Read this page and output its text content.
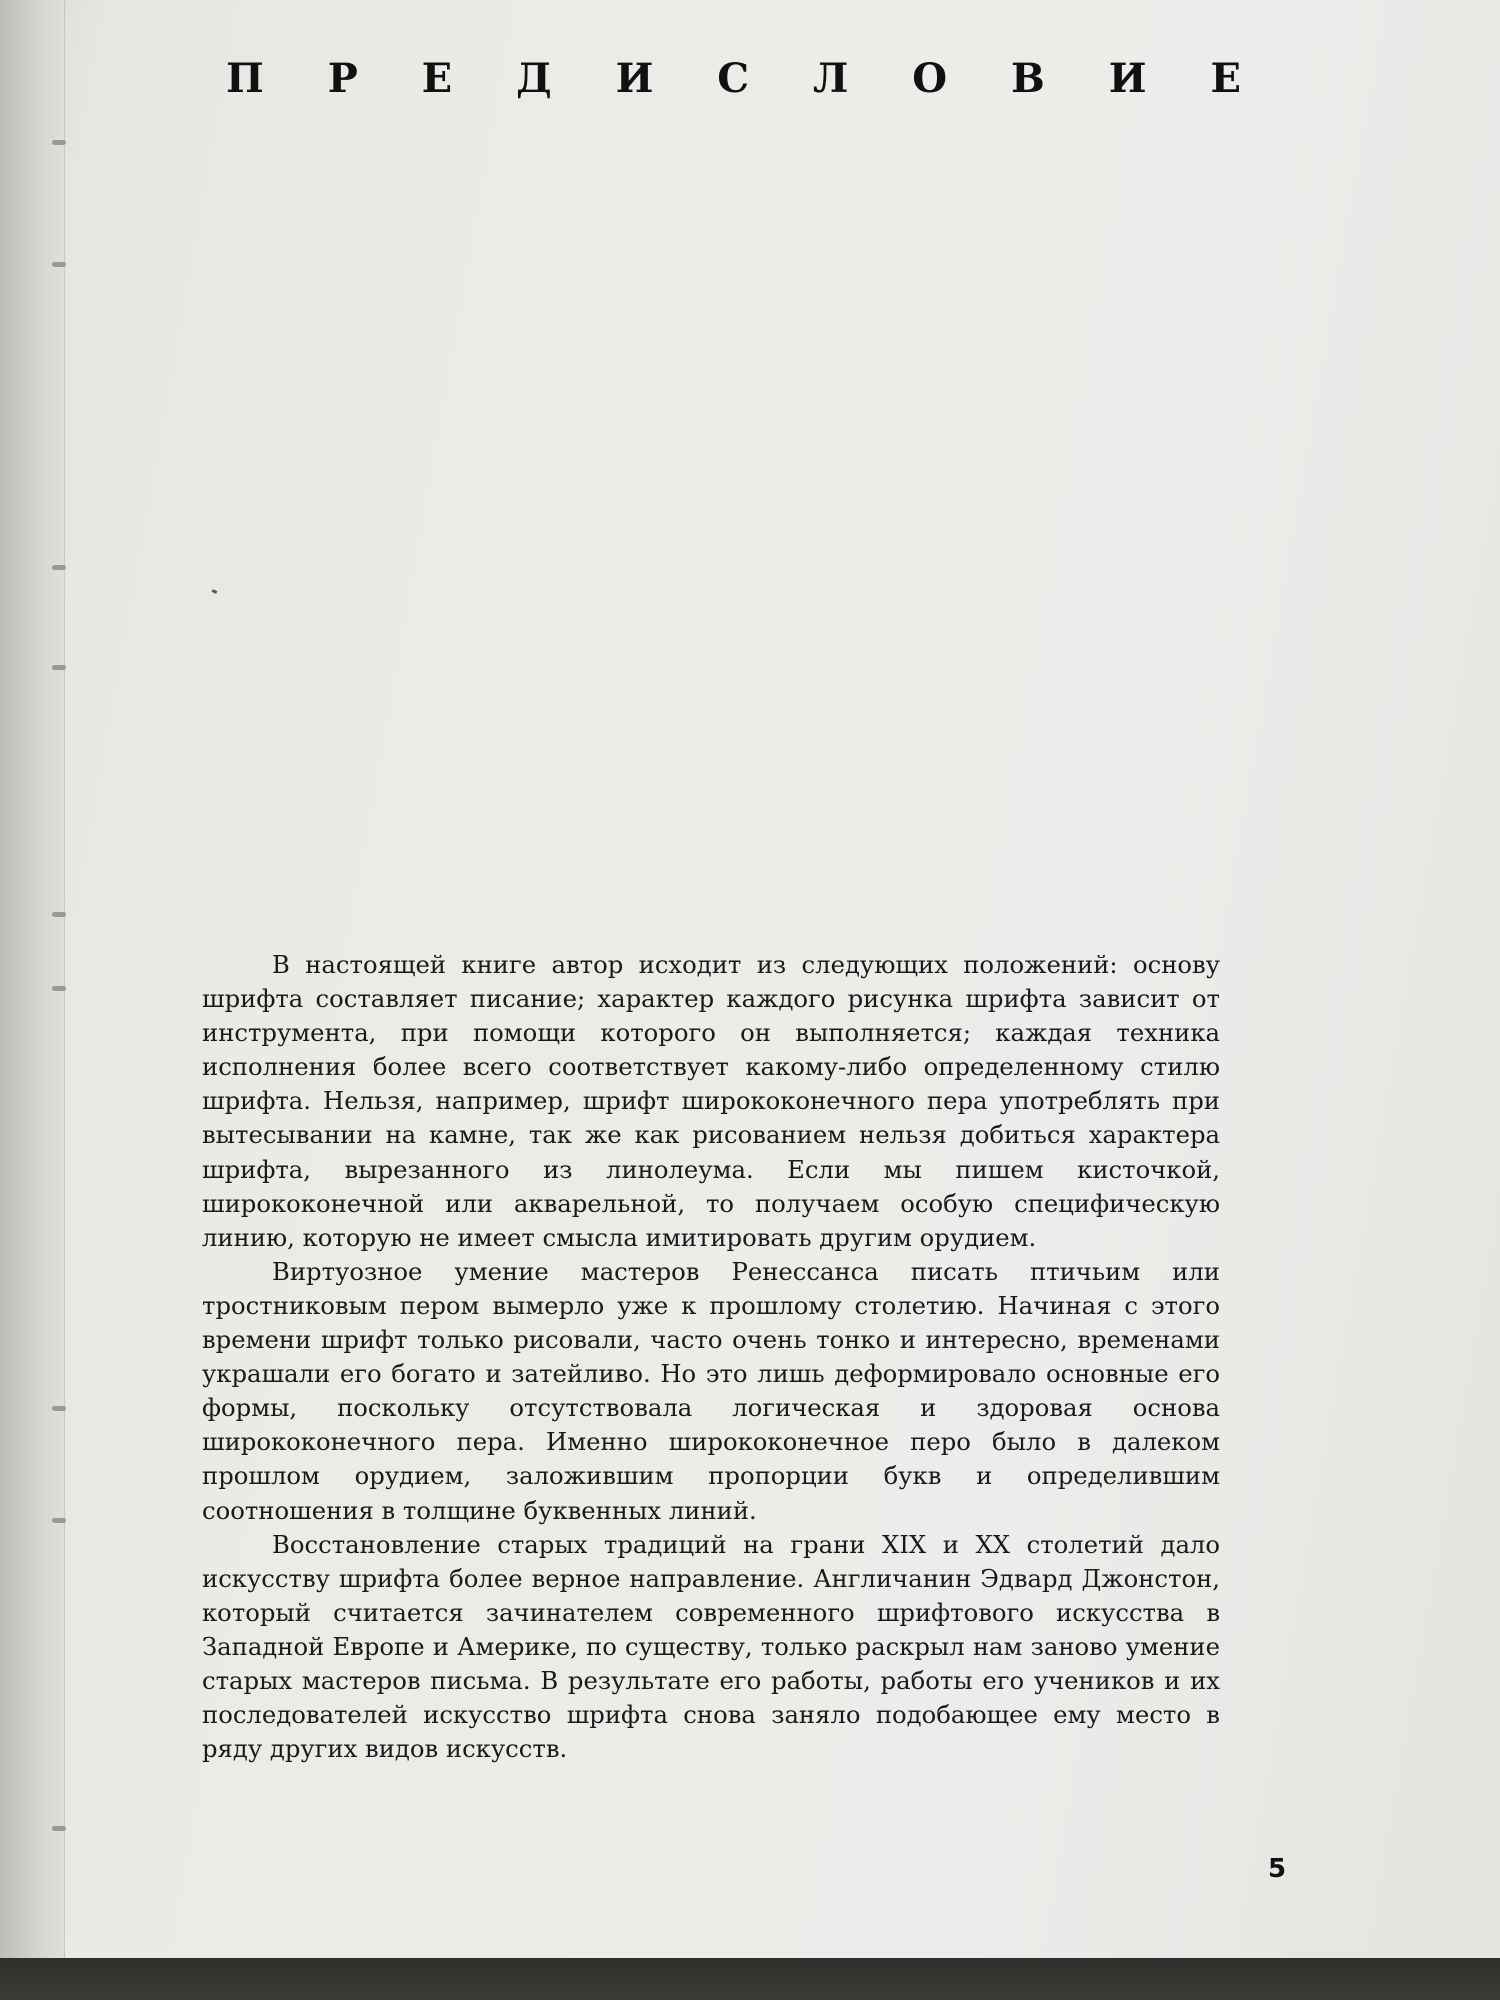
П Р Е Д И С Л О В И Е

В настоящей книге автор исходит из следующих положений: основу шрифта составляет писание; характер каждого рисунка шрифта зависит от инструмента, при помощи которого он выполняется; каждая техника исполнения более всего соответствует какому-либо определенному стилю шрифта. Нельзя, например, шрифт ширококонечного пера употреблять при вытесывании на камне, так же как рисованием нельзя добиться характера шрифта, вырезанного из линолеума. Если мы пишем кисточкой, ширококонечной или акварельной, то получаем особую специфическую линию, которую не имеет смысла имитировать другим орудием.

Виртуозное умение мастеров Ренессанса писать птичьим или тростниковым пером вымерло уже к прошлому столетию. Начиная с этого времени шрифт только рисовали, часто очень тонко и интересно, временами украшали его богато и затейливо. Но это лишь деформировало основные его формы, поскольку отсутствовала логическая и здоровая основа ширококонечного пера. Именно ширококонечное перо было в далеком прошлом орудием, заложившим пропорции букв и определившим соотношения в толщине буквенных линий.

Восстановление старых традиций на грани XIX и XX столетий дало искусству шрифта более верное направление. Англичанин Эдвард Джонстон, который считается зачинателем современного шрифтового искусства в Западной Европе и Америке, по существу, только раскрыл нам заново умение старых мастеров письма. В результате его работы, работы его учеников и их последователей искусство шрифта снова заняло подобающее ему место в ряду других видов искусств.

5
